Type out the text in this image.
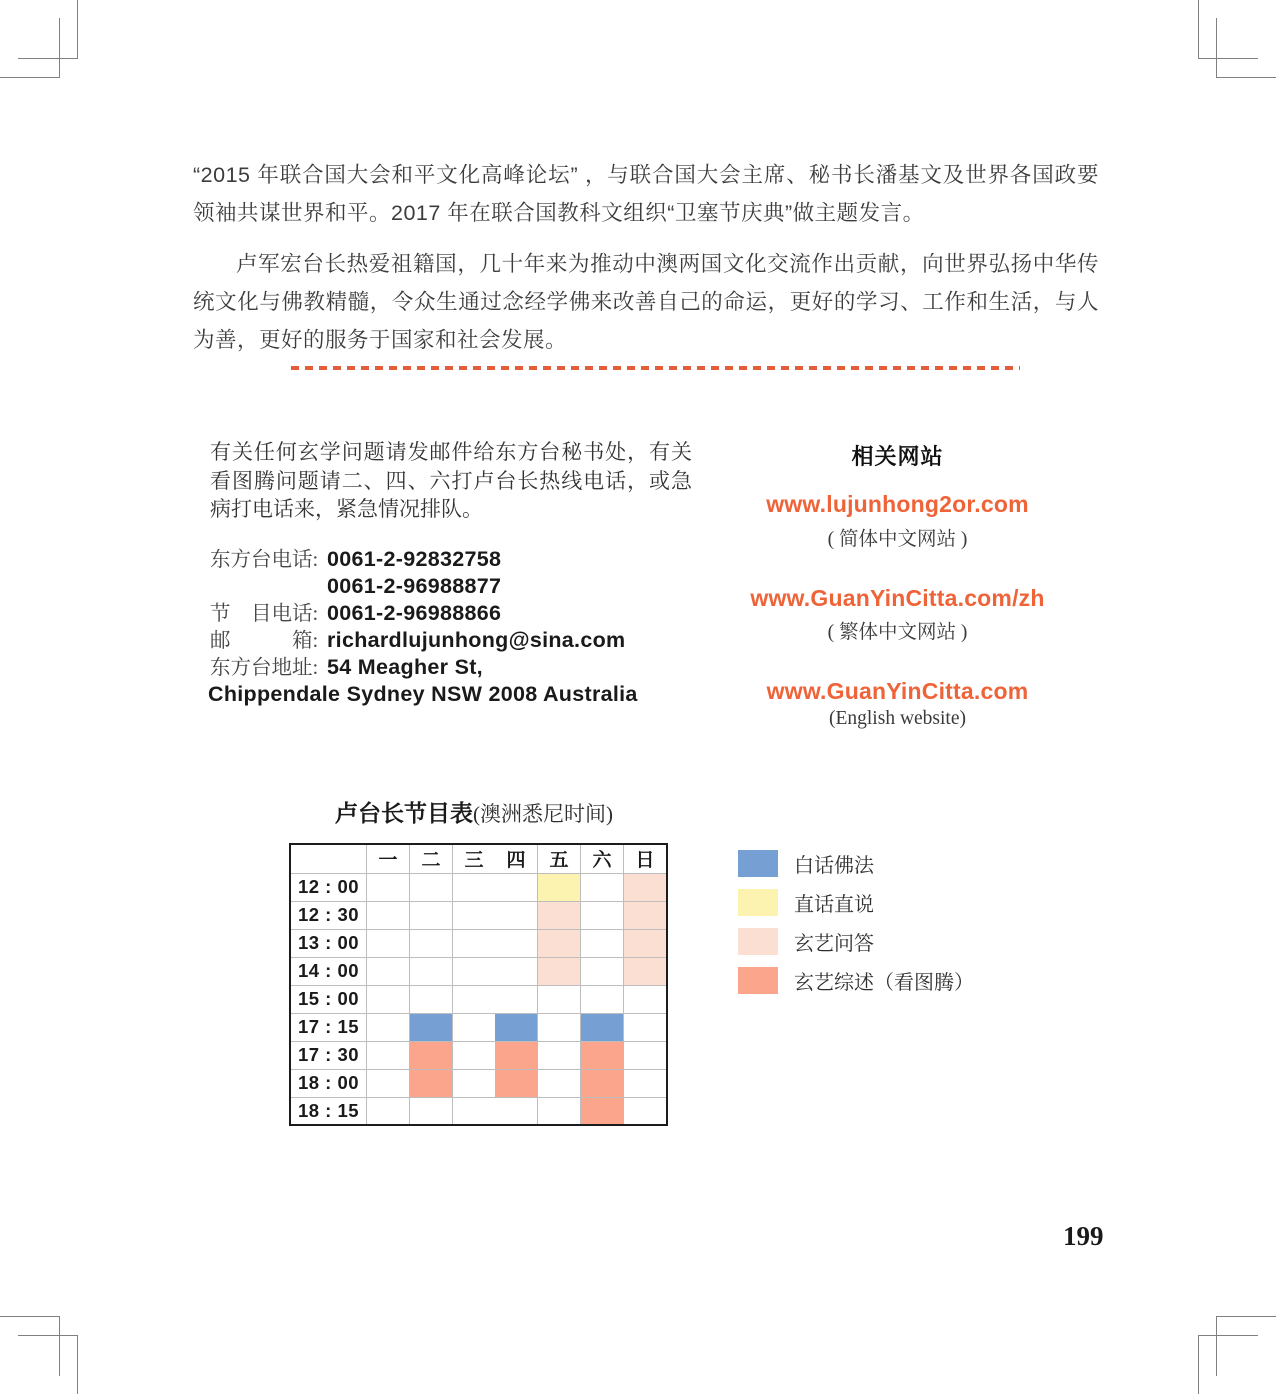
“2015 年联合国大会和平文化高峰论坛” ，与联合国大会主席、秘书长潘基文及世界各国政要领袖共谋世界和平。2017 年在联合国教科文组织“卫塞节庆典”做主题发言。

卢军宏台长热爱祖籍国，几十年来为推动中澳两国文化交流作出贡献，向世界弘扬中华传统文化与佛教精髓，令众生通过念经学佛来改善自己的命运，更好的学习、工作和生活，与人为善，更好的服务于国家和社会发展。

有关任何玄学问题请发邮件给东方台秘书处，有关看图腾问题请二、四、六打卢台长热线电话，或急病打电话来，紧急情况排队。
东方台电话: 0061-2-92832758
0061-2-96988877
节　目电话: 0061-2-96988866
邮　　　箱: richardlujunhong@sina.com
东方台地址: 54 Meagher St,
Chippendale Sydney NSW 2008 Australia
相关网站
www.lujunhong2or.com
( 简体中文网站 )
www.GuanYinCitta.com/zh
( 繁体中文网站 )
www.GuanYinCitta.com
(English website)
卢台长节目表(澳洲悉尼时间)
	一	二	三	四	五	六	日
12 : 00							
12 : 30							
13 : 00							
14 : 00							
15 : 00							
17 : 15							
17 : 30							
18 : 00							
18 : 15							
白话佛法
直话直说
玄艺问答
玄艺综述（看图腾）
199
